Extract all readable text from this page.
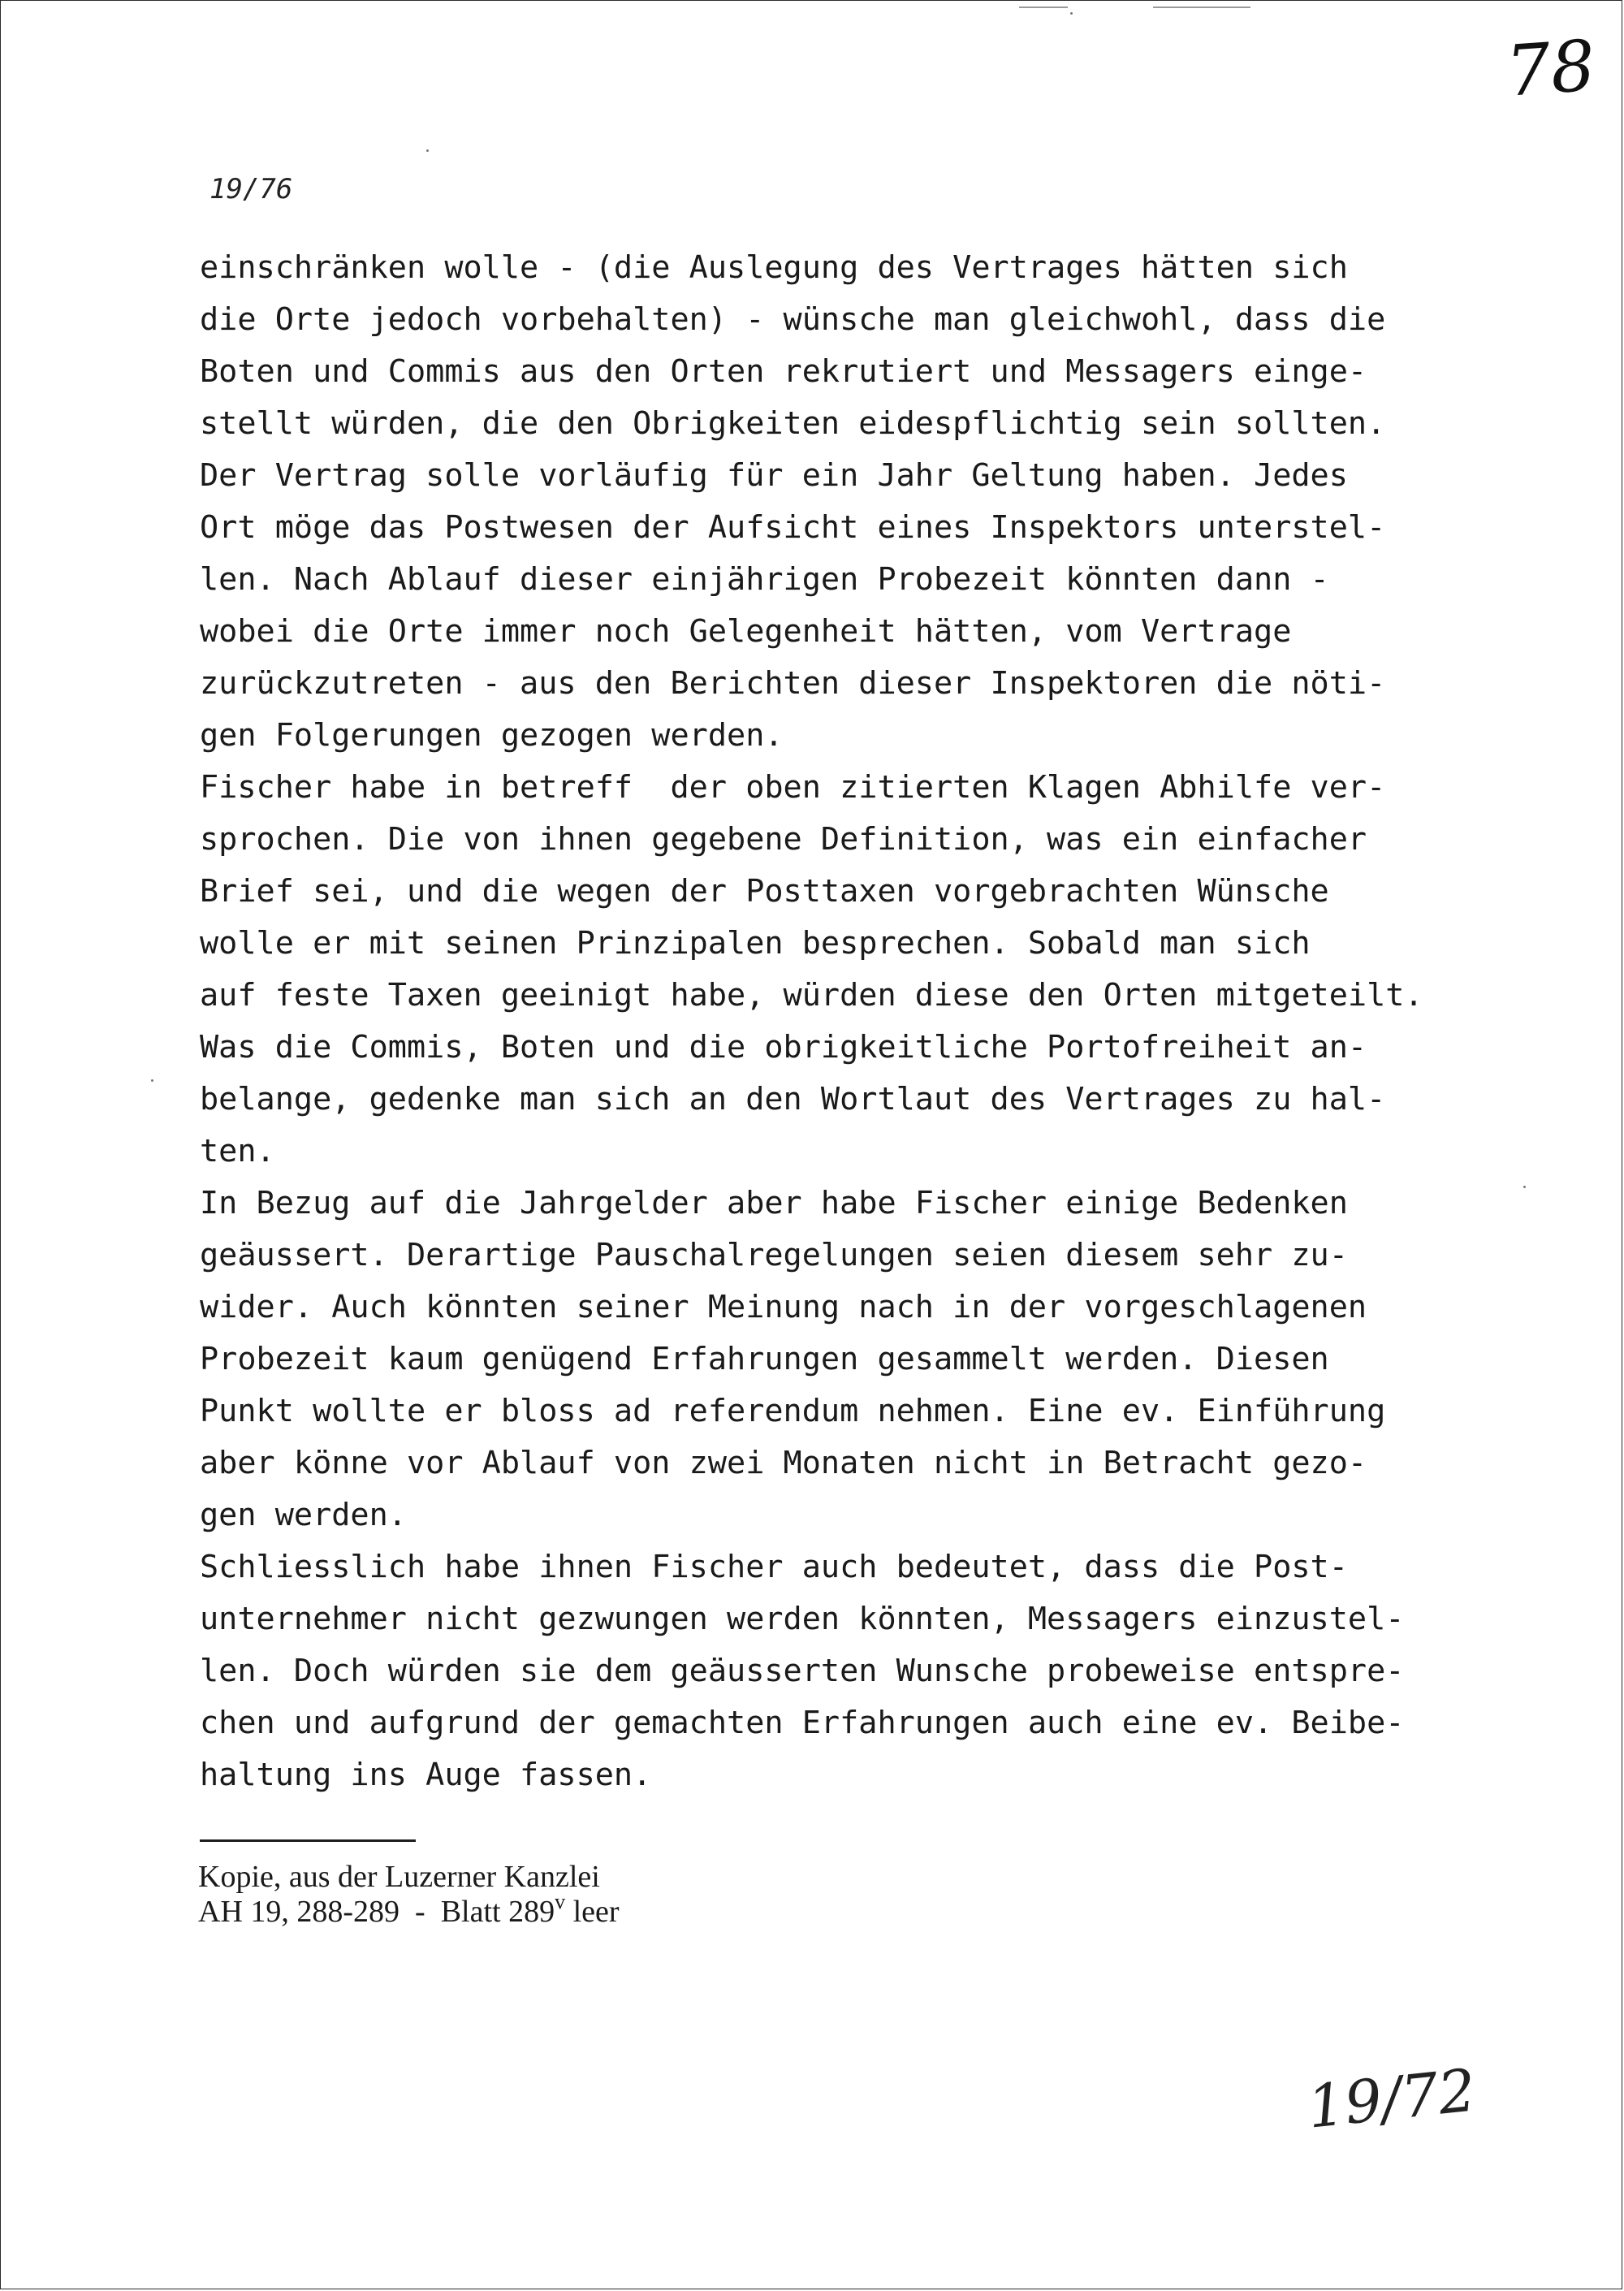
78
19/76
einschränken wolle - (die Auslegung des Vertrages hätten sich
die Orte jedoch vorbehalten) - wünsche man gleichwohl, dass die
Boten und Commis aus den Orten rekrutiert und Messagers einge-
stellt würden, die den Obrigkeiten eidespflichtig sein sollten.
Der Vertrag solle vorläufig für ein Jahr Geltung haben. Jedes
Ort möge das Postwesen der Aufsicht eines Inspektors unterstel-
len. Nach Ablauf dieser einjährigen Probezeit könnten dann -
wobei die Orte immer noch Gelegenheit hätten, vom Vertrage
zurückzutreten - aus den Berichten dieser Inspektoren die nöti-
gen Folgerungen gezogen werden.
Fischer habe in betreff  der oben zitierten Klagen Abhilfe ver-
sprochen. Die von ihnen gegebene Definition, was ein einfacher
Brief sei, und die wegen der Posttaxen vorgebrachten Wünsche
wolle er mit seinen Prinzipalen besprechen. Sobald man sich
auf feste Taxen geeinigt habe, würden diese den Orten mitgeteilt.
Was die Commis, Boten und die obrigkeitliche Portofreiheit an-
belange, gedenke man sich an den Wortlaut des Vertrages zu hal-
ten.
In Bezug auf die Jahrgelder aber habe Fischer einige Bedenken
geäussert. Derartige Pauschalregelungen seien diesem sehr zu-
wider. Auch könnten seiner Meinung nach in der vorgeschlagenen
Probezeit kaum genügend Erfahrungen gesammelt werden. Diesen
Punkt wollte er bloss ad referendum nehmen. Eine ev. Einführung
aber könne vor Ablauf von zwei Monaten nicht in Betracht gezo-
gen werden.
Schliesslich habe ihnen Fischer auch bedeutet, dass die Post-
unternehmer nicht gezwungen werden könnten, Messagers einzustel-
len. Doch würden sie dem geäusserten Wunsche probeweise entspre-
chen und aufgrund der gemachten Erfahrungen auch eine ev. Beibe-
haltung ins Auge fassen.
Kopie, aus der Luzerner Kanzlei
AH 19, 288-289  -  Blatt 289$^v$ leer
19/72
